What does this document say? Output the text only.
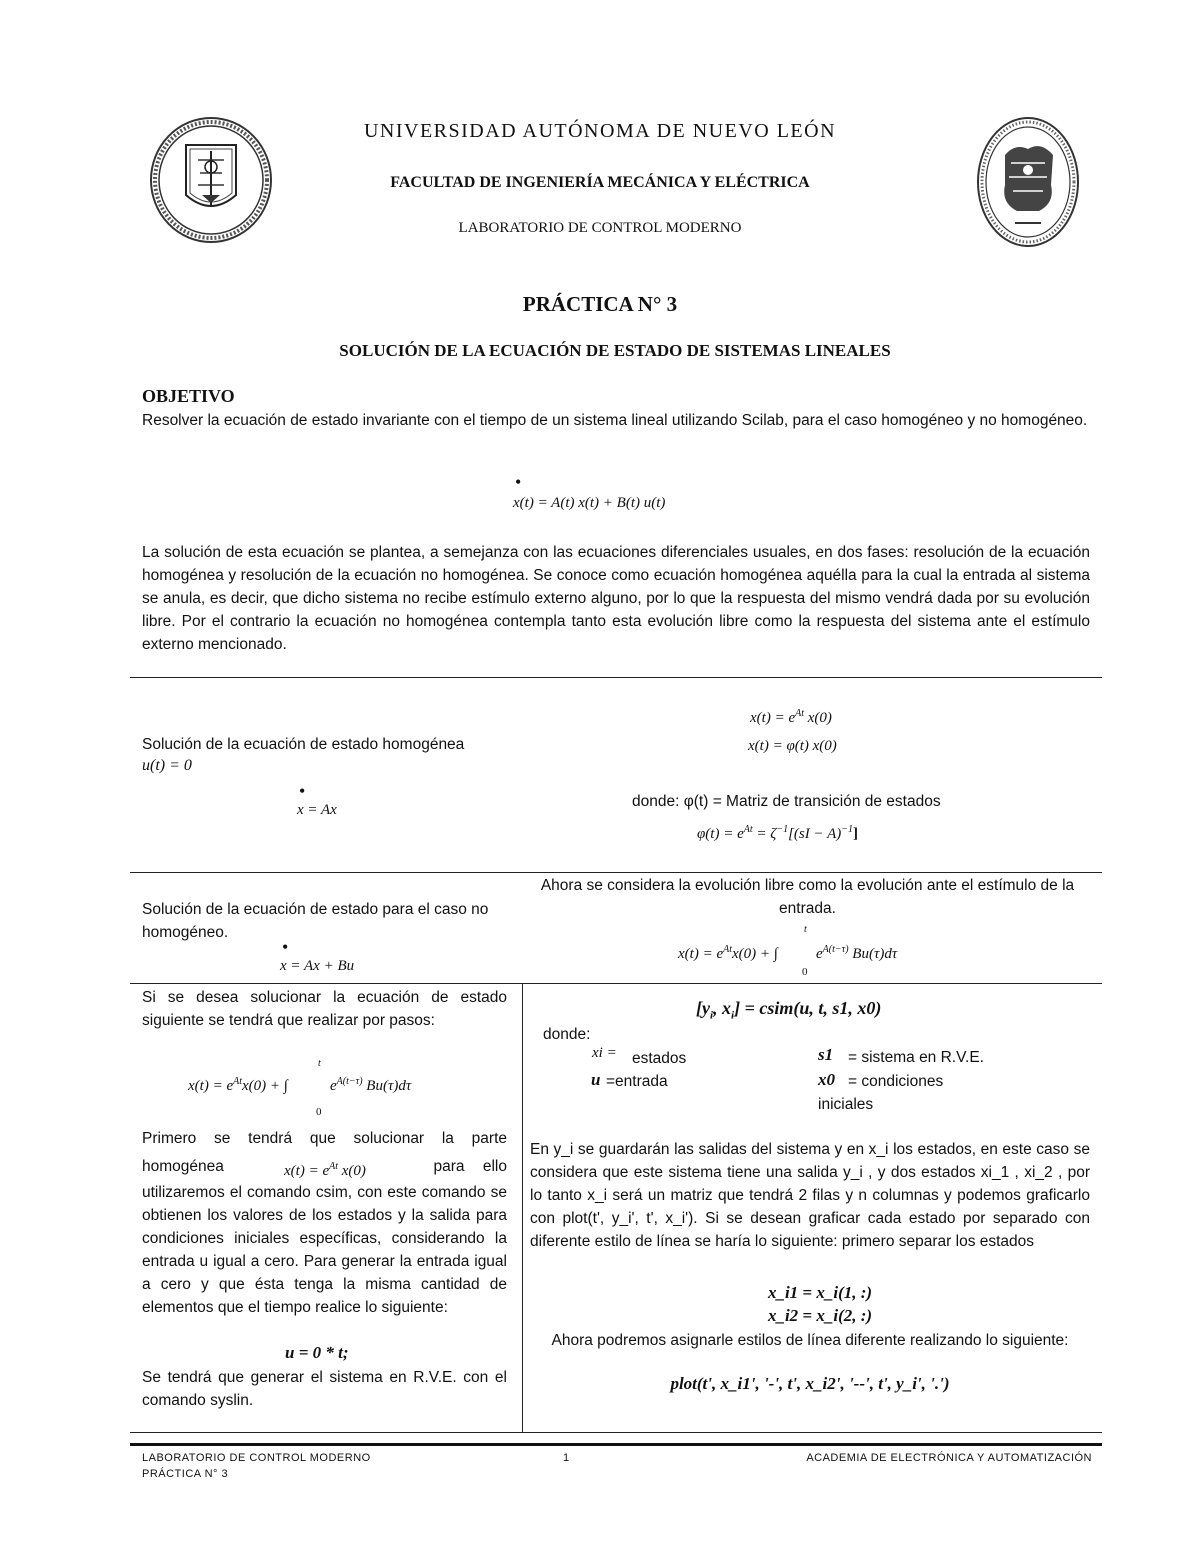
UNIVERSIDAD AUTÓNOMA DE NUEVO LEÓN
FACULTAD DE INGENIERÍA MECÁNICA Y ELÉCTRICA
LABORATORIO DE CONTROL MODERNO
PRÁCTICA N° 3
SOLUCIÓN DE LA ECUACIÓN DE ESTADO DE SISTEMAS LINEALES
OBJETIVO
Resolver la ecuación de estado invariante con el tiempo de un sistema lineal utilizando Scilab, para el caso homogéneo y no homogéneo.
•
x(t) = A(t) x(t) + B(t) u(t)
La solución de esta ecuación se plantea, a semejanza con las ecuaciones diferenciales usuales, en dos fases: resolución de la ecuación homogénea y resolución de la ecuación no homogénea. Se conoce como ecuación homogénea aquélla para la cual la entrada al sistema se anula, es decir, que dicho sistema no recibe estímulo externo alguno, por lo que la respuesta del mismo vendrá dada por su evolución libre. Por el contrario la ecuación no homogénea contempla tanto esta evolución libre como la respuesta del sistema ante el estímulo externo mencionado.
Solución de la ecuación de estado homogénea
u(t) = 0
•
x = Ax
$x(t) = e^{At}$ x(0)
x(t) = φ(t) x(0)
donde: φ(t) = Matriz de transición de estados
$\varphi(t) = e^{At} = \zeta^{-1}[(sI - A)^{-1}]$
Solución de la ecuación de estado para el caso no homogéneo.
•
x = Ax + Bu
Ahora se considera la evolución libre como la evolución ante el estímulo de la entrada.
$x(t) = e^{At}x(0)$ + ∫
t
0
$e^{A(t-\tau)}$ Bu(τ)dτ
Si se desea solucionar la ecuación de estado siguiente se tendrá que realizar por pasos:
$x(t) = e^{At}x(0)$ + ∫
t
0
$e^{A(t-\tau)}$ Bu(τ)dτ
Primero se tendrá que solucionar la parte
homogénea	$x(t) = e^{At}$ x(0)	para ello
utilizaremos el comando csim, con este comando se obtienen los valores de los estados y la salida para condiciones iniciales específicas, considerando la entrada u igual a cero. Para generar la entrada igual a cero y que ésta tenga la misma cantidad de elementos que el tiempo realice lo siguiente:
u = 0 * t;
Se tendrá que generar el sistema en R.V.E. con el comando syslin.
[$y_i$, $x_i$] = csim(u, t, s1, x0)
donde:
xi = estados
u =entrada
s1 = sistema en R.V.E.
x0 = condiciones iniciales
En y_i se guardarán las salidas del sistema y en x_i los estados, en este caso se considera que este sistema tiene una salida y_i , y dos estados xi_1 , xi_2 , por lo tanto x_i será un matriz que tendrá 2 filas y n columnas y podemos graficarlo con plot(t', y_i', t', x_i'). Si se desean graficar cada estado por separado con diferente estilo de línea se haría lo siguiente: primero separar los estados
x_i1 = x_i(1, :)
x_i2 = x_i(2, :)
Ahora podremos asignarle estilos de línea diferente realizando lo siguiente:
plot(t', x_i1', '-', t', x_i2', '--', t', y_i', '.')
LABORATORIO DE CONTROL MODERNO
PRÁCTICA N° 3
1	ACADEMIA DE ELECTRÓNICA Y AUTOMATIZACIÓN
